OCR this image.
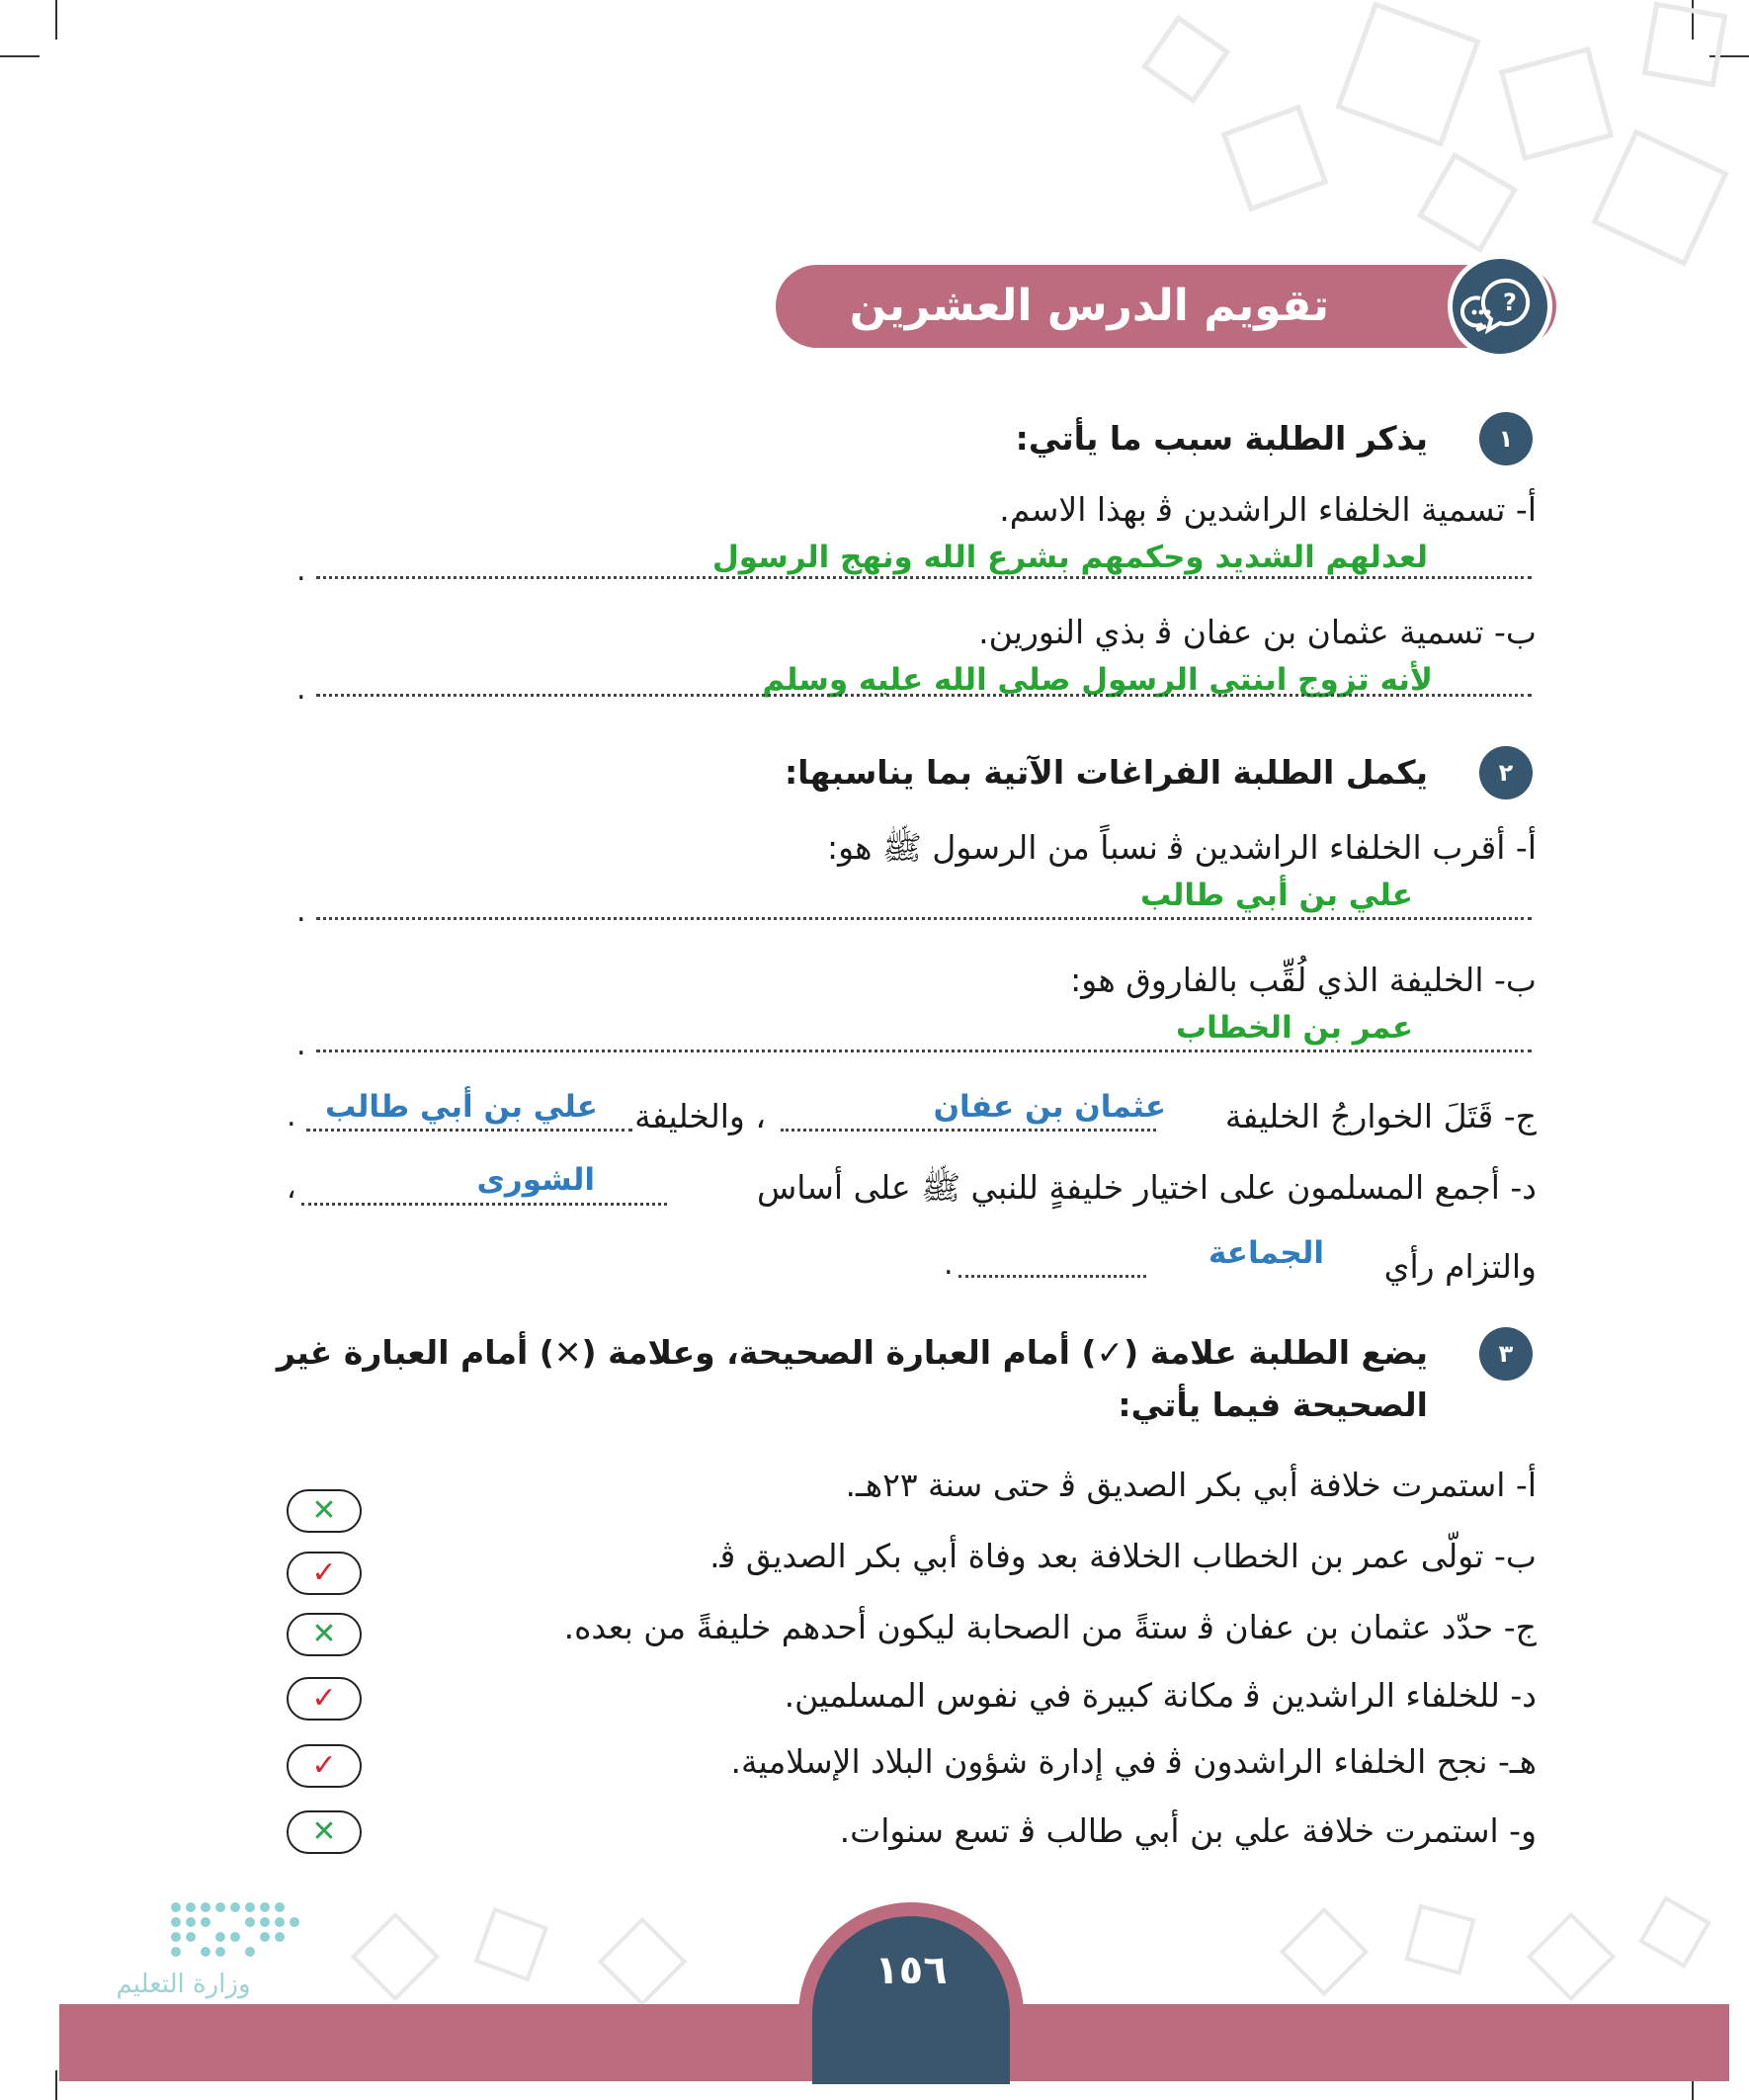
تقويم الدرس العشرين	?
١
يذكر الطلبة سبب ما يأتي:
أ- تسمية الخلفاء الراشدين ﭬ بهذا الاسم.
لعدلهم الشديد وحكمهم بشرع الله ونهج الرسول
.
ب- تسمية عثمان بن عفان ﭬ بذي النورين.
لأنه تزوج ابنتي الرسول صلى الله عليه وسلم
.
٢
يكمل الطلبة الفراغات الآتية بما يناسبها:
أ- أقرب الخلفاء الراشدين ﭬ نسباً من الرسول ﷺ هو:
علي بن أبي طالب
.
ب- الخليفة الذي لُقِّب بالفاروق هو:
عمر بن الخطاب
.
ج- قَتَلَ الخوارجُ الخليفة
عثمان بن عفان
، والخليفة
علي بن أبي طالب
.
د- أجمع المسلمون على اختيار خليفةٍ للنبي ﷺ على أساس
الشورى
،
والتزام رأي
الجماعة
.
٣
يضع الطلبة علامة (✓) أمام العبارة الصحيحة، وعلامة (✕) أمام العبارة غير
الصحيحة فيما يأتي:
أ- استمرت خلافة أبي بكر الصديق ﭬ حتى سنة ٢٣هـ.
✕
ب- تولّى عمر بن الخطاب الخلافة بعد وفاة أبي بكر الصديق ﭬ.
✓
ج- حدّد عثمان بن عفان ﭬ ستةً من الصحابة ليكون أحدهم خليفةً من بعده.
✕
د- للخلفاء الراشدين ﭬ مكانة كبيرة في نفوس المسلمين.
✓
هـ- نجح الخلفاء الراشدون ﭬ في إدارة شؤون البلاد الإسلامية.
✓
و- استمرت خلافة علي بن أبي طالب ﭬ تسع سنوات.
✕
وزارة التعليم	١٥٦
